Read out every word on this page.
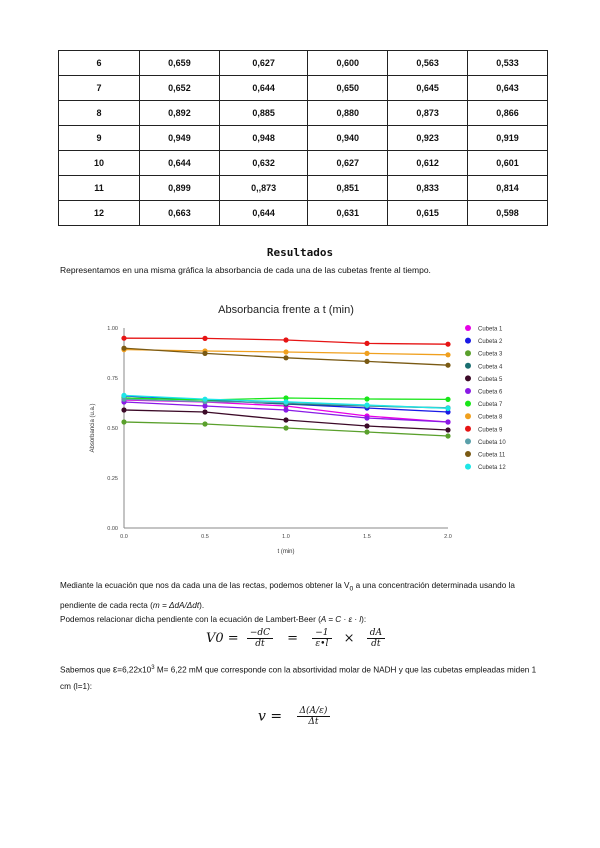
6	0,659	0,627	0,600	0,563	0,533
7	0,652	0,644	0,650	0,645	0,643
8	0,892	0,885	0,880	0,873	0,866
9	0,949	0,948	0,940	0,923	0,919
10	0,644	0,632	0,627	0,612	0,601
11	0,899	0,,873	0,851	0,833	0,814
12	0,663	0,644	0,631	0,615	0,598
Resultados
Representamos en una misma gráfica la absorbancia de cada una de las cubetas frente al tiempo.
Absorbancia frente a t (min)
0.00
0.25
0.50
0.75
1.00
0.0	0.5	1.0	1.5	2.0
t (min)
Absorbancia (u.a.)
Cubeta 1
Cubeta 2
Cubeta 3
Cubeta 4
Cubeta 5
Cubeta 6
Cubeta 7
Cubeta 8
Cubeta 9
Cubeta 10
Cubeta 11
Cubeta 12
Mediante la ecuación que nos da cada una de las rectas, podemos obtener la $V_0$ a una concentración determinada usando la pendiente de cada recta (m = ΔdA/Δdt).
Podemos relacionar dicha pendiente con la ecuación de Lambert-Beer (A = C · ε · l):
$V0 = \frac{-dC}{dt} = \frac{-1}{\varepsilon•l} \times \frac{dA}{dt}$
Sabemos que $\varepsilon=6,22x10^3$ M= 6,22 mM que corresponde con la absortividad molar de NADH y que las cubetas empleadas miden 1 cm (l=1):
$v = \frac{\Delta(A/\varepsilon)}{\Delta t}$
